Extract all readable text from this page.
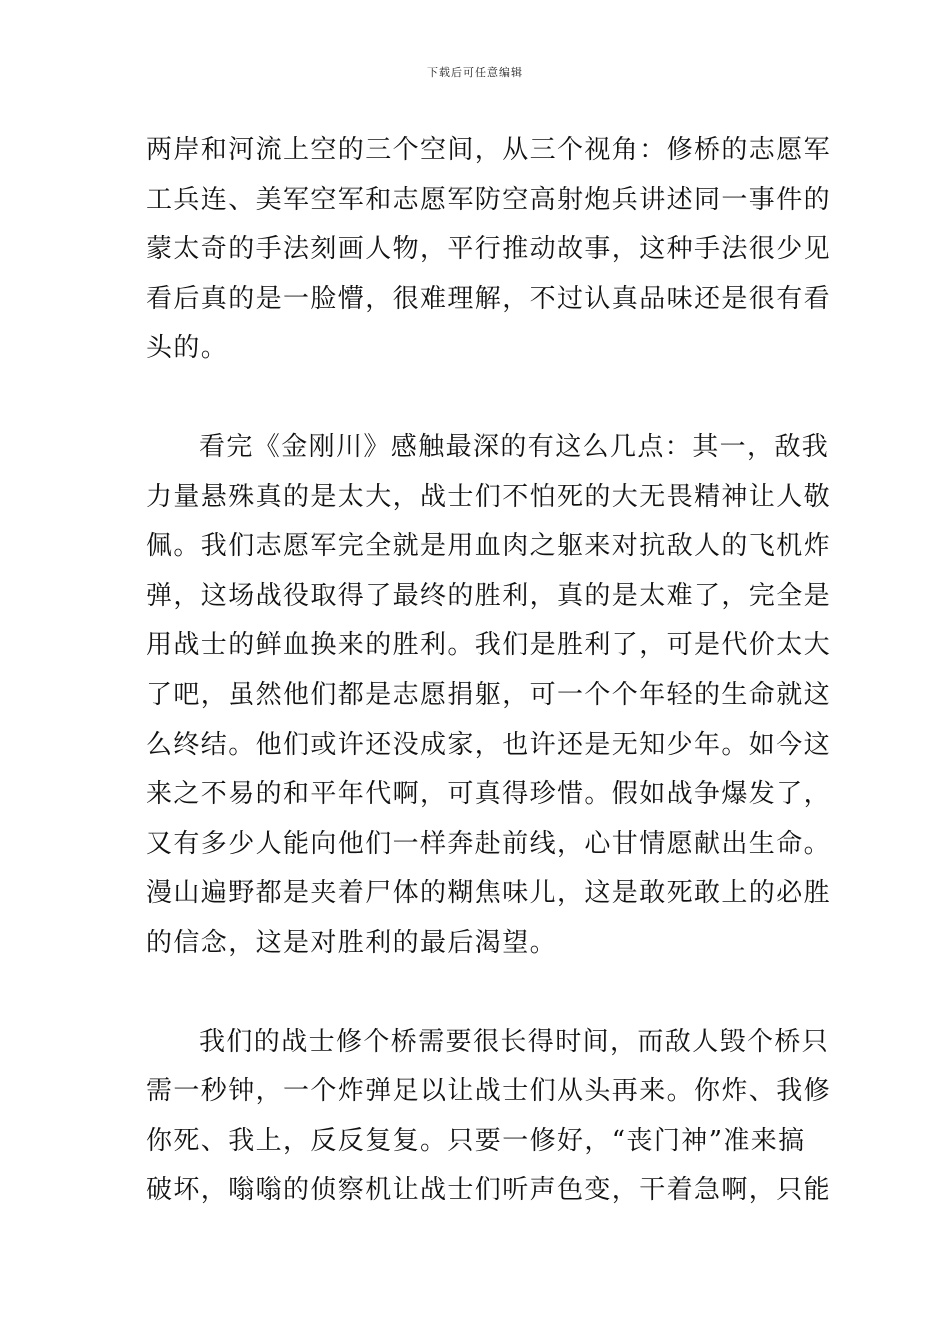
下载后可任意编辑
两岸和河流上空的三个空间，从三个视角：修桥的志愿军
工兵连、美军空军和志愿军防空高射炮兵讲述同一事件的
蒙太奇的手法刻画人物，平行推动故事，这种手法很少见
看后真的是一脸懵，很难理解，不过认真品味还是很有看
头的。
看完《金刚川》感触最深的有这么几点：其一，敌我
力量悬殊真的是太大，战士们不怕死的大无畏精神让人敬
佩。我们志愿军完全就是用血肉之躯来对抗敌人的飞机炸
弹，这场战役取得了最终的胜利，真的是太难了，完全是
用战士的鲜血换来的胜利。我们是胜利了，可是代价太大
了吧，虽然他们都是志愿捐躯，可一个个年轻的生命就这
么终结。他们或许还没成家，也许还是无知少年。如今这
来之不易的和平年代啊，可真得珍惜。假如战争爆发了，
又有多少人能向他们一样奔赴前线，心甘情愿献出生命。
漫山遍野都是夹着尸体的糊焦味儿，这是敢死敢上的必胜
的信念，这是对胜利的最后渴望。
我们的战士修个桥需要很长得时间，而敌人毁个桥只
需一秒钟，一个炸弹足以让战士们从头再来。你炸、我修
你死、我上，反反复复。只要一修好，“丧门神”准来搞
破坏，嗡嗡的侦察机让战士们听声色变，干着急啊，只能
